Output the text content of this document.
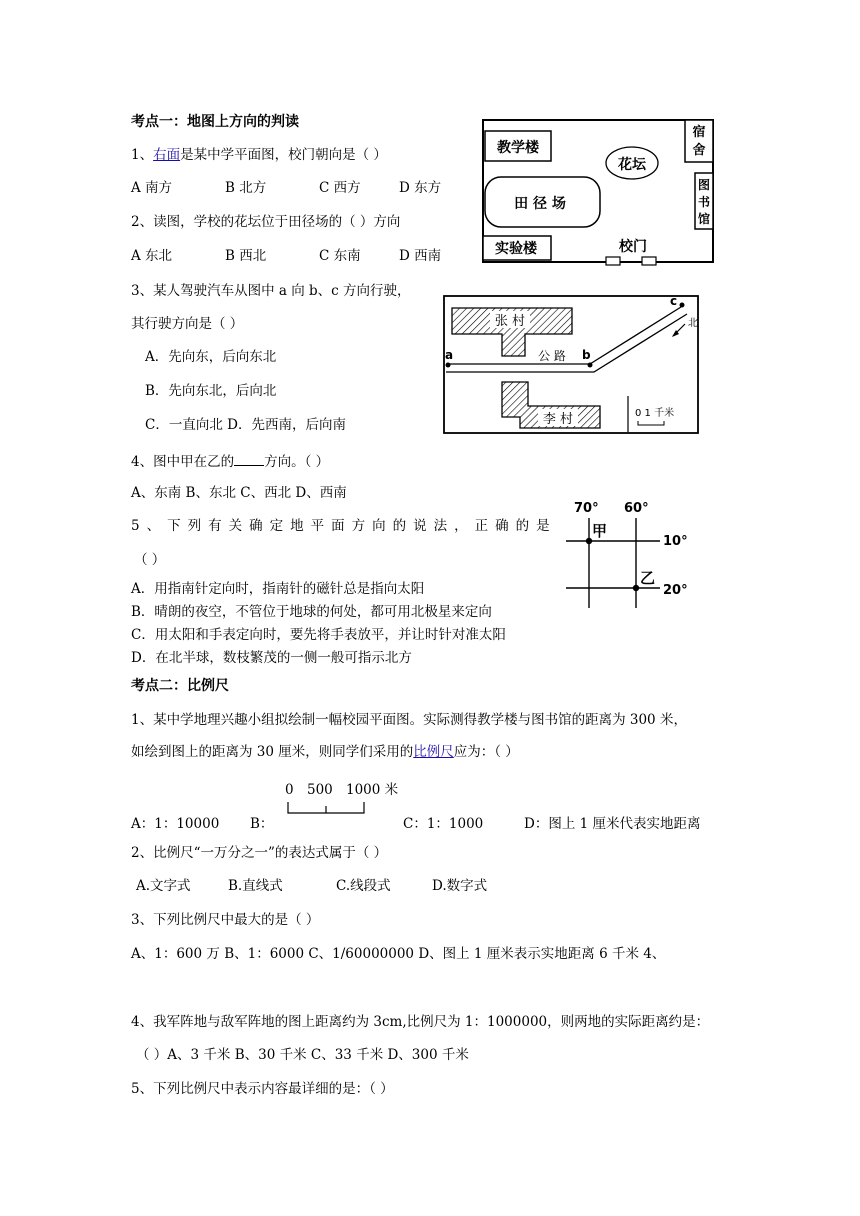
考点一：地图上方向的判读
1、右面是某中学平面图，校门朝向是（ ）
A 南方	B 北方	C 西方	D 东方
2、读图，学校的花坛位于田径场的（ ）方向
A 东北	B 西北	C 东南	D 西南
3、某人驾驶汽车从图中 a 向 b、c 方向行驶，
其行驶方向是（ ）
A．先向东，后向东北
B．先向东北，后向北
C．一直向北 D．先西南，后向南
4、图中甲在乙的 方向。（ ）
A、东南 B、东北 C、西北 D、西南
5、下列有关确定地平面方向的说法，正确的是
（ ）
A．用指南针定向时，指南针的磁针总是指向太阳
B．晴朗的夜空，不管位于地球的何处，都可用北极星来定向
C．用太阳和手表定向时，要先将手表放平，并让时针对准太阳
D．在北半球，数枝繁茂的一侧一般可指示北方
考点二：比例尺
1、某中学地理兴趣小组拟绘制一幅校园平面图。实际测得教学楼与图书馆的距离为 300 米，
如绘到图上的距离为 30 厘米，则同学们采用的比例尺应为：（ ）
0 500 1000 米
A：1：10000 B：	C：1：1000	D：图上 1 厘米代表实地距离
2、比例尺“一万分之一”的表达式属于（ ）
A.文字式	B.直线式	C.线段式	D.数字式
3、下列比例尺中最大的是（ ）
A、1：600 万 B、1：6000 C、1/60000000 D、图上 1 厘米表示实地距离 6 千米 4、
4、我军阵地与敌军阵地的图上距离约为 3cm,比例尺为 1：1000000，则两地的实际距离约是：
（ ）A、3 千米 B、30 千米 C、33 千米 D、300 千米
5、下列比例尺中表示内容最详细的是：（ ）
教学楼
宿
舍
花坛
田 径 场
图
书
馆
实验楼	校门
张 村
a	b
c
公 路
北
李 村	0 1 千米
70° 60°
10°
20°
甲
乙
